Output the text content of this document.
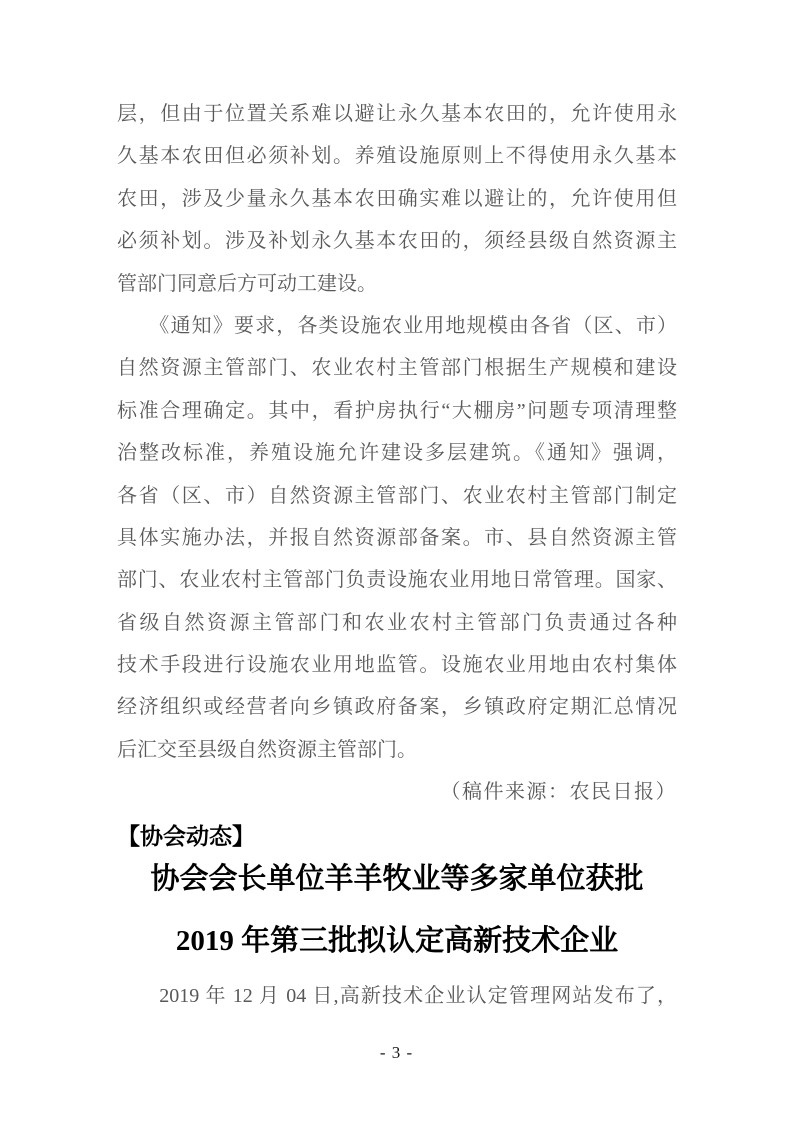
层，但由于位置关系难以避让永久基本农田的，允许使用永
久基本农田但必须补划。养殖设施原则上不得使用永久基本
农田，涉及少量永久基本农田确实难以避让的，允许使用但
必须补划。涉及补划永久基本农田的，须经县级自然资源主
管部门同意后方可动工建设。
　　《通知》要求，各类设施农业用地规模由各省（区、市）
自然资源主管部门、农业农村主管部门根据生产规模和建设
标准合理确定。其中，看护房执行“大棚房”问题专项清理整
治整改标准，养殖设施允许建设多层建筑。《通知》强调，
各省（区、市）自然资源主管部门、农业农村主管部门制定
具体实施办法，并报自然资源部备案。市、县自然资源主管
部门、农业农村主管部门负责设施农业用地日常管理。国家、
省级自然资源主管部门和农业农村主管部门负责通过各种
技术手段进行设施农业用地监管。设施农业用地由农村集体
经济组织或经营者向乡镇政府备案，乡镇政府定期汇总情况
后汇交至县级自然资源主管部门。
（稿件来源：农民日报）
【协会动态】
协会会长单位羊羊牧业等多家单位获批
2019 年第三批拟认定高新技术企业
　　2019 年 12 月 04 日,高新技术企业认定管理网站发布了，
- 3 -
